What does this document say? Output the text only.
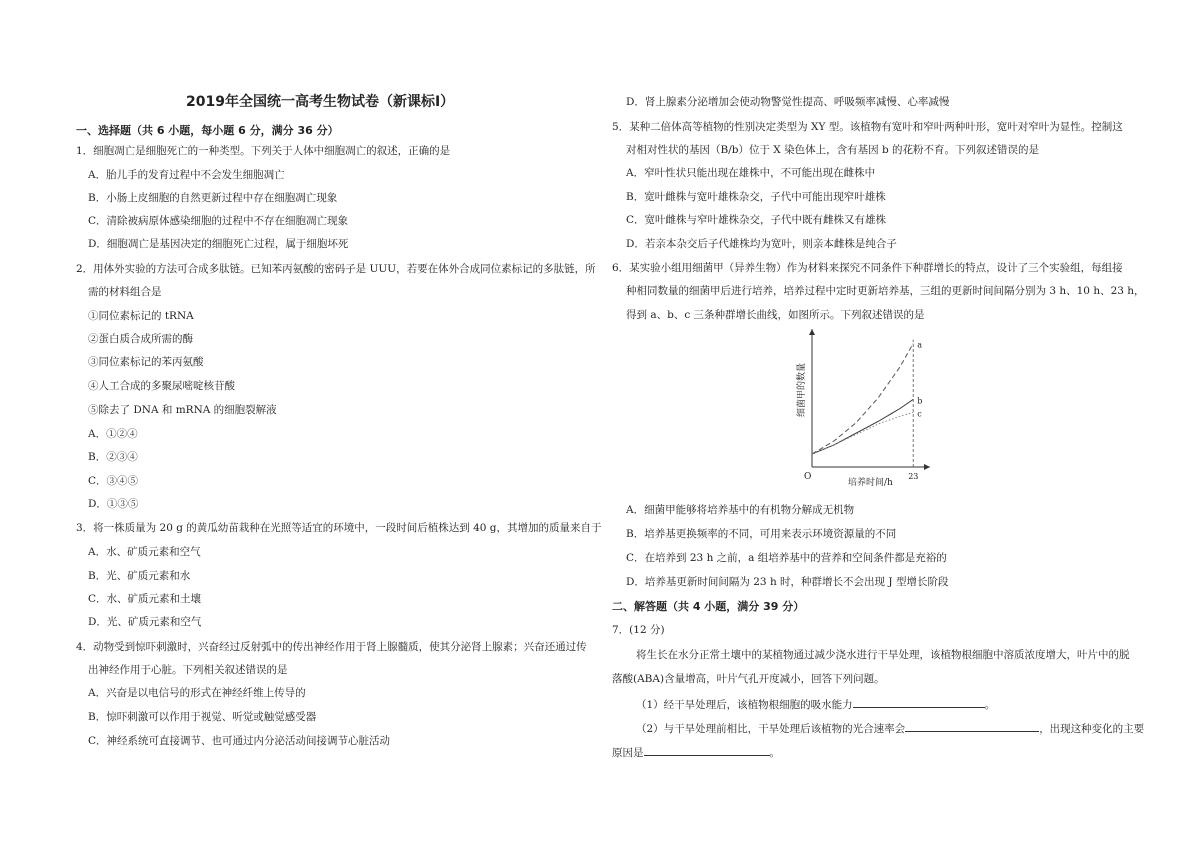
2019年全国统一高考生物试卷（新课标Ⅰ）
一、选择题（共 6 小题，每小题 6 分，满分 36 分）
1．细胞凋亡是细胞死亡的一种类型。下列关于人体中细胞凋亡的叙述，正确的是
A．胎儿手的发育过程中不会发生细胞凋亡
B．小肠上皮细胞的自然更新过程中存在细胞凋亡现象
C．清除被病原体感染细胞的过程中不存在细胞凋亡现象
D．细胞凋亡是基因决定的细胞死亡过程，属于细胞坏死
2．用体外实验的方法可合成多肽链。已知苯丙氨酸的密码子是 UUU，若要在体外合成同位素标记的多肽链，所
需的材料组合是
①同位素标记的 tRNA
②蛋白质合成所需的酶
③同位素标记的苯丙氨酸
④人工合成的多聚尿嘧啶核苷酸
⑤除去了 DNA 和 mRNA 的细胞裂解液
A．①②④
B．②③④
C．③④⑤
D．①③⑤
3．将一株质量为 20 g 的黄瓜幼苗栽种在光照等适宜的环境中，一段时间后植株达到 40 g，其增加的质量来自于
A．水、矿质元素和空气
B．光、矿质元素和水
C．水、矿质元素和土壤
D．光、矿质元素和空气
4．动物受到惊吓刺激时，兴奋经过反射弧中的传出神经作用于肾上腺髓质，使其分泌肾上腺素；兴奋还通过传
出神经作用于心脏。下列相关叙述错误的是
A．兴奋是以电信号的形式在神经纤维上传导的
B．惊吓刺激可以作用于视觉、听觉或触觉感受器
C．神经系统可直接调节、也可通过内分泌活动间接调节心脏活动
D．肾上腺素分泌增加会使动物警觉性提高、呼吸频率减慢、心率减慢
5．某种二倍体高等植物的性别决定类型为 XY 型。该植物有宽叶和窄叶两种叶形，宽叶对窄叶为显性。控制这
对相对性状的基因（B/b）位于 X 染色体上，含有基因 b 的花粉不育。下列叙述错误的是
A．窄叶性状只能出现在雄株中，不可能出现在雌株中
B．宽叶雌株与宽叶雄株杂交，子代中可能出现窄叶雄株
C．宽叶雌株与窄叶雄株杂交，子代中既有雌株又有雄株
D．若亲本杂交后子代雄株均为宽叶，则亲本雌株是纯合子
6．某实验小组用细菌甲（异养生物）作为材料来探究不同条件下种群增长的特点，设计了三个实验组，每组接
种相同数量的细菌甲后进行培养，培养过程中定时更新培养基，三组的更新时间间隔分别为 3 h、10 h、23 h，
得到 a、b、c 三条种群增长曲线，如图所示。下列叙述错误的是
a
b
c
O	23
培养时间/h
细菌甲的数量
A．细菌甲能够将培养基中的有机物分解成无机物
B．培养基更换频率的不同，可用来表示环境资源量的不同
C．在培养到 23 h 之前，a 组培养基中的营养和空间条件都是充裕的
D．培养基更新时间间隔为 23 h 时，种群增长不会出现 J 型增长阶段
二、解答题（共 4 小题，满分 39 分）
7．(12 分)
将生长在水分正常土壤中的某植物通过减少浇水进行干旱处理，该植物根细胞中溶质浓度增大，叶片中的脱
落酸(ABA)含量增高，叶片气孔开度减小，回答下列问题。
（1）经干旱处理后，该植物根细胞的吸水能力	。
（2）与干旱处理前相比，干旱处理后该植物的光合速率会	，出现这种变化的主要
原因是	。
